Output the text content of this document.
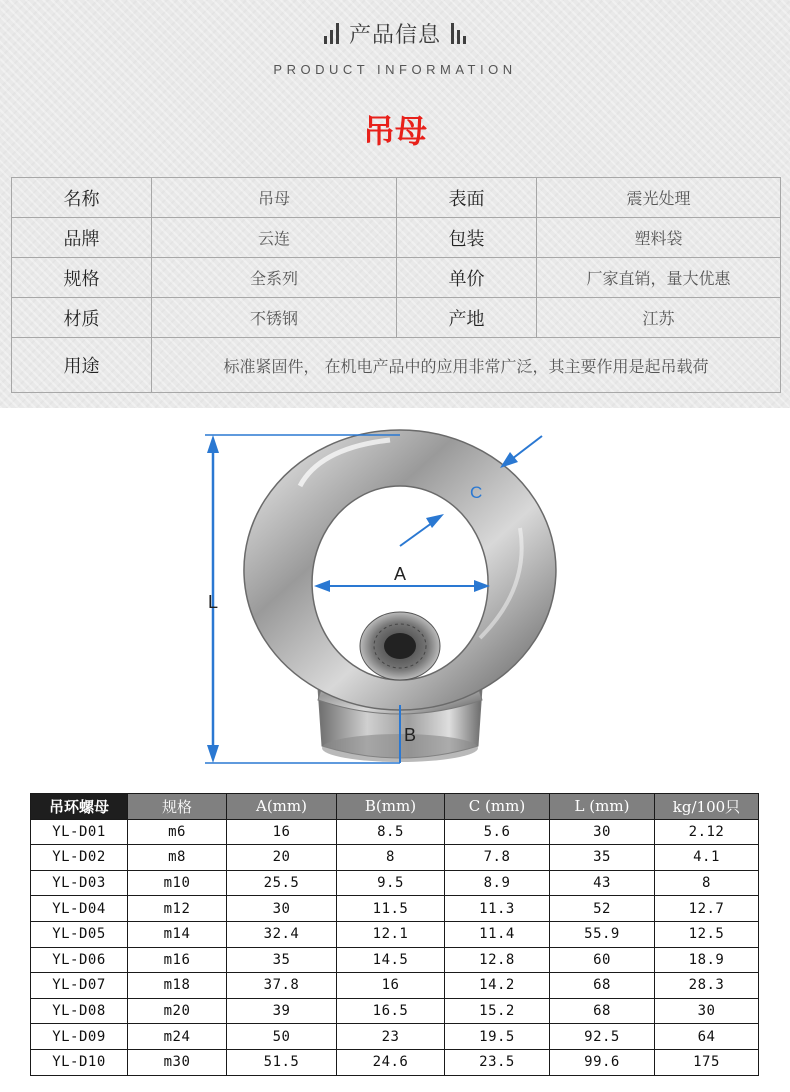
产品信息
PRODUCT INFORMATION
吊母
名称	吊母	表面	震光处理
品牌	云连	包装	塑料袋
规格	全系列	单价	厂家直销，量大优惠
材质	不锈钢	产地	江苏
用途	标准紧固件， 在机电产品中的应用非常广泛，其主要作用是起吊载荷		
L
A
B
C
吊环螺母	规格	A(mm)	B(mm)	C (mm)	L (mm)	kg/100只
YL-D01	m6	16	8.5	5.6	30	2.12
YL-D02	m8	20	8	7.8	35	4.1
YL-D03	m10	25.5	9.5	8.9	43	8
YL-D04	m12	30	11.5	11.3	52	12.7
YL-D05	m14	32.4	12.1	11.4	55.9	12.5
YL-D06	m16	35	14.5	12.8	60	18.9
YL-D07	m18	37.8	16	14.2	68	28.3
YL-D08	m20	39	16.5	15.2	68	30
YL-D09	m24	50	23	19.5	92.5	64
YL-D10	m30	51.5	24.6	23.5	99.6	175
